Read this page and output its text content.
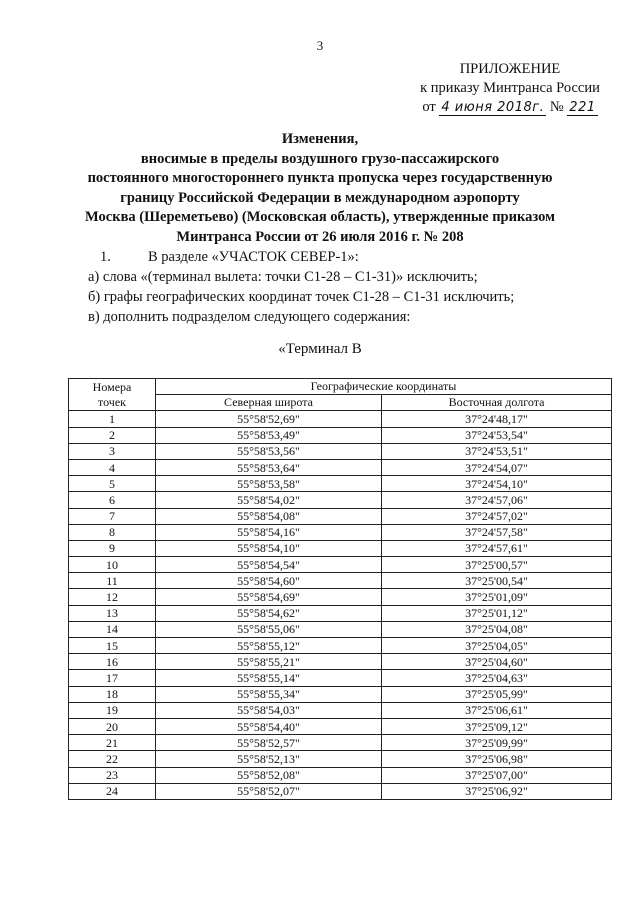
3
ПРИЛОЖЕНИЕ
к приказу Минтранса России
от 4 июня 2018г. № 221
Изменения,
вносимые в пределы воздушного грузо-пассажирского
постоянного многостороннего пункта пропуска через государственную
границу Российской Федерации в международном аэропорту
Москва (Шереметьево) (Московская область), утвержденные приказом
Минтранса России от 26 июля 2016 г. № 208
1.	В разделе «УЧАСТОК СЕВЕР-1»:
а) слова «(терминал вылета: точки C1-28 – C1-31)» исключить;
б) графы географических координат точек С1-28 – С1-31 исключить;
в) дополнить подразделом следующего содержания:
«Терминал В
Номера
точек	Географические координаты	
	Северная широта	Восточная долгота
1	55°58'52,69"	37°24'48,17"
2	55°58'53,49"	37°24'53,54"
3	55°58'53,56"	37°24'53,51"
4	55°58'53,64"	37°24'54,07"
5	55°58'53,58"	37°24'54,10"
6	55°58'54,02"	37°24'57,06"
7	55°58'54,08"	37°24'57,02"
8	55°58'54,16"	37°24'57,58"
9	55°58'54,10"	37°24'57,61"
10	55°58'54,54"	37°25'00,57"
11	55°58'54,60"	37°25'00,54"
12	55°58'54,69"	37°25'01,09"
13	55°58'54,62"	37°25'01,12"
14	55°58'55,06"	37°25'04,08"
15	55°58'55,12"	37°25'04,05"
16	55°58'55,21"	37°25'04,60"
17	55°58'55,14"	37°25'04,63"
18	55°58'55,34"	37°25'05,99"
19	55°58'54,03"	37°25'06,61"
20	55°58'54,40"	37°25'09,12"
21	55°58'52,57"	37°25'09,99"
22	55°58'52,13"	37°25'06,98"
23	55°58'52,08"	37°25'07,00"
24	55°58'52,07"	37°25'06,92"
